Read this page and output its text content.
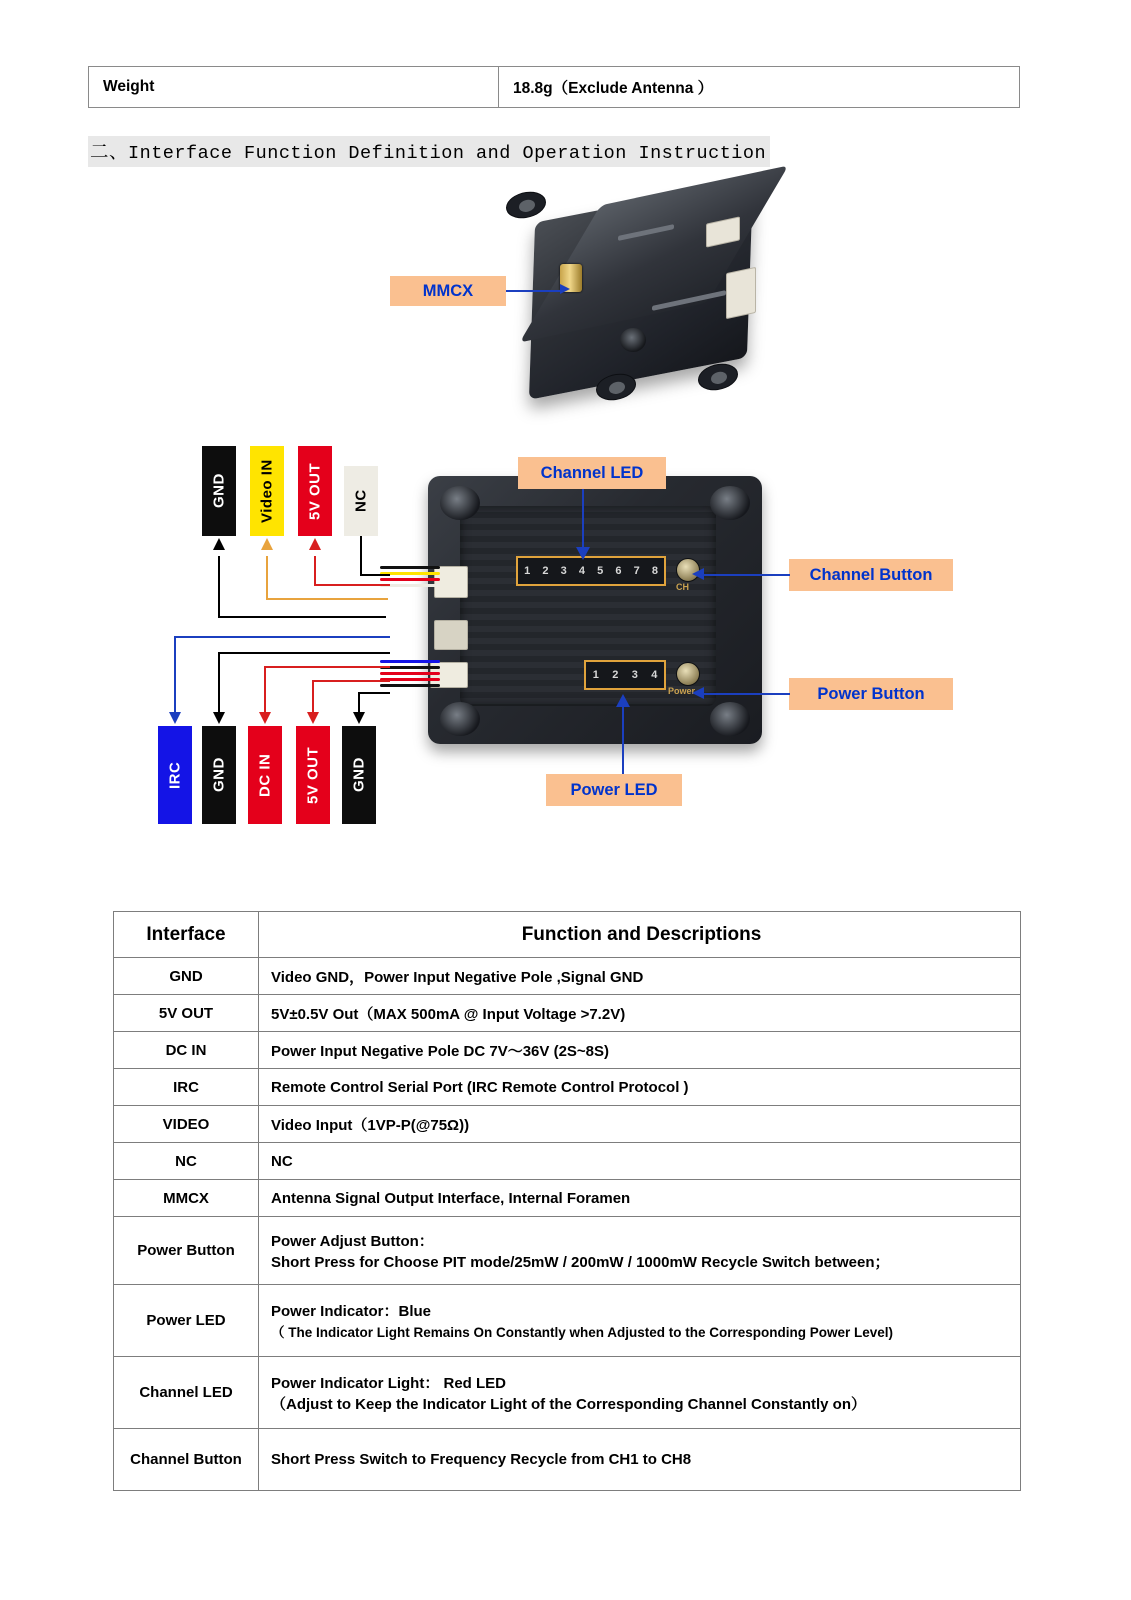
Weight	18.8g（Exclude Antenna ）
二、Interface Function Definition and Operation Instruction
MMCX
1 2 3 4 5 6 7 8
1 2 3 4
CH
Power
GND Video IN 5V OUT NC
IRC GND DC IN 5V OUT GND
Channel LED
Channel Button
Power Button
Power LED
Interface	Function and Descriptions
GND	Video GND，Power Input Negative Pole ,Signal GND

5V OUT	5V±0.5V Out（MAX 500mA @ Input Voltage >7.2V)

DC IN	Power Input Negative Pole DC 7V～36V (2S~8S)

IRC	Remote Control Serial Port (IRC Remote Control Protocol )

VIDEO	Video Input（1VP-P(@75Ω))

NC	NC

MMCX	Antenna Signal Output Interface, Internal Foramen

Power Button	Power Adjust Button：
Short Press for Choose PIT mode/25mW / 200mW / 1000mW Recycle Switch between；

Power LED	Power Indicator：Blue
（ The Indicator Light Remains On Constantly when Adjusted to the Corresponding Power Level)

Channel LED	Power Indicator Light： Red LED
（Adjust to Keep the Indicator Light of the Corresponding Channel Constantly on）

Channel Button	Short Press Switch to Frequency Recycle from CH1 to CH8
